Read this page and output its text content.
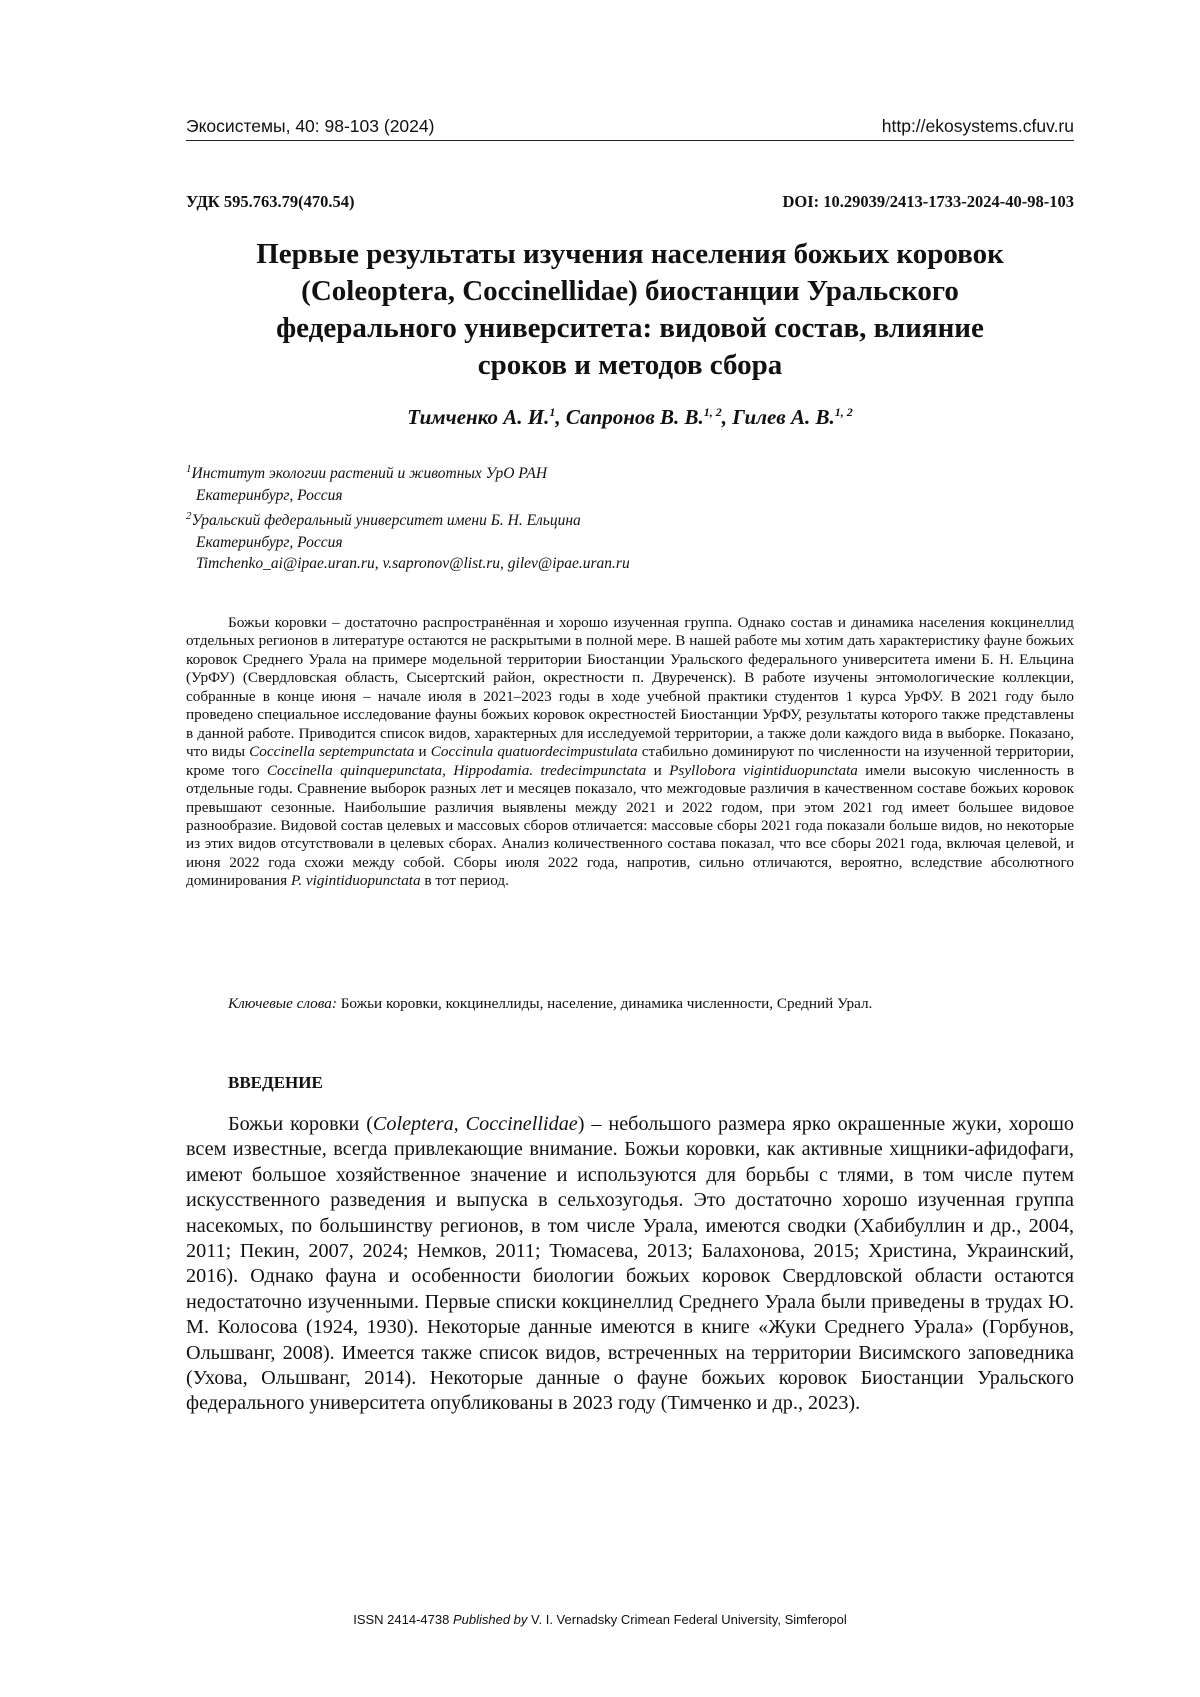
Экосистемы, 40: 98-103 (2024)	http://ekosystems.cfuv.ru
УДК 595.763.79(470.54)	DOI: 10.29039/2413-1733-2024-40-98-103
Первые результаты изучения населения божьих коровок
(Coleoptera, Coccinellidae) биостанции Уральского
федерального университета: видовой состав, влияние
сроков и методов сбора
Тимченко А. И.$^1$, Сапронов В. В.$^{1, 2}$, Гилев А. В.$^{1, 2}$
$^1$Институт экологии растений и животных УрО РАН
Екатеринбург, Россия
$^2$Уральский федеральный университет имени Б. Н. Ельцина
Екатеринбург, Россия
Timchenko_ai@ipae.uran.ru, v.sapronov@list.ru, gilev@ipae.uran.ru

Божьи коровки – достаточно распространённая и хорошо изученная группа. Однако состав и динамика населения кокцинеллид отдельных регионов в литературе остаются не раскрытыми в полной мере. В нашей работе мы хотим дать характеристику фауне божьих коровок Среднего Урала на примере модельной территории Биостанции Уральского федерального университета имени Б. Н. Ельцина (УрФУ) (Свердловская область, Сысертский район, окрестности п. Двуреченск). В работе изучены энтомологические коллекции, собранные в конце июня – начале июля в 2021–2023 годы в ходе учебной практики студентов 1 курса УрФУ. В 2021 году было проведено специальное исследование фауны божьих коровок окрестностей Биостанции УрФУ, результаты которого также представлены в данной работе. Приводится список видов, характерных для исследуемой территории, а также доли каждого вида в выборке. Показано, что виды Coccinella septempunctata и Coccinula quatuordecimpustulata стабильно доминируют по численности на изученной территории, кроме того Coccinella quinquepunctata, Hippodamia. tredecimpunctata и Psyllobora vigintiduopunctata имели высокую численность в отдельные годы. Сравнение выборок разных лет и месяцев показало, что межгодовые различия в качественном составе божьих коровок превышают сезонные. Наибольшие различия выявлены между 2021 и 2022 годом, при этом 2021 год имеет большее видовое разнообразие. Видовой состав целевых и массовых сборов отличается: массовые сборы 2021 года показали больше видов, но некоторые из этих видов отсутствовали в целевых сборах. Анализ количественного состава показал, что все сборы 2021 года, включая целевой, и июня 2022 года схожи между собой. Сборы июля 2022 года, напротив, сильно отличаются, вероятно, вследствие абсолютного доминирования P. vigintiduopunctata в тот период.

Ключевые слова: Божьи коровки, кокцинеллиды, население, динамика численности, Средний Урал.
ВВЕДЕНИЕ

Божьи коровки (Coleptera, Coccinellidae) – небольшого размера ярко окрашенные жуки, хорошо всем известные, всегда привлекающие внимание. Божьи коровки, как активные хищники-афидофаги, имеют большое хозяйственное значение и используются для борьбы с тлями, в том числе путем искусственного разведения и выпуска в сельхозугодья. Это достаточно хорошо изученная группа насекомых, по большинству регионов, в том числе Урала, имеются сводки (Хабибуллин и др., 2004, 2011; Пекин, 2007, 2024; Немков, 2011; Тюмасева, 2013; Балахонова, 2015; Христина, Украинский, 2016). Однако фауна и особенности биологии божьих коровок Свердловской области остаются недостаточно изученными. Первые списки кокцинеллид Среднего Урала были приведены в трудах Ю. М. Колосова (1924, 1930). Некоторые данные имеются в книге «Жуки Среднего Урала» (Горбунов, Ольшванг, 2008). Имеется также список видов, встреченных на территории Висимского заповедника (Ухова, Ольшванг, 2014). Некоторые данные о фауне божьих коровок Биостанции Уральского федерального университета опубликованы в 2023 году (Тимченко и др., 2023).

ISSN 2414-4738 Published by V. I. Vernadsky Crimean Federal University, Simferopol
